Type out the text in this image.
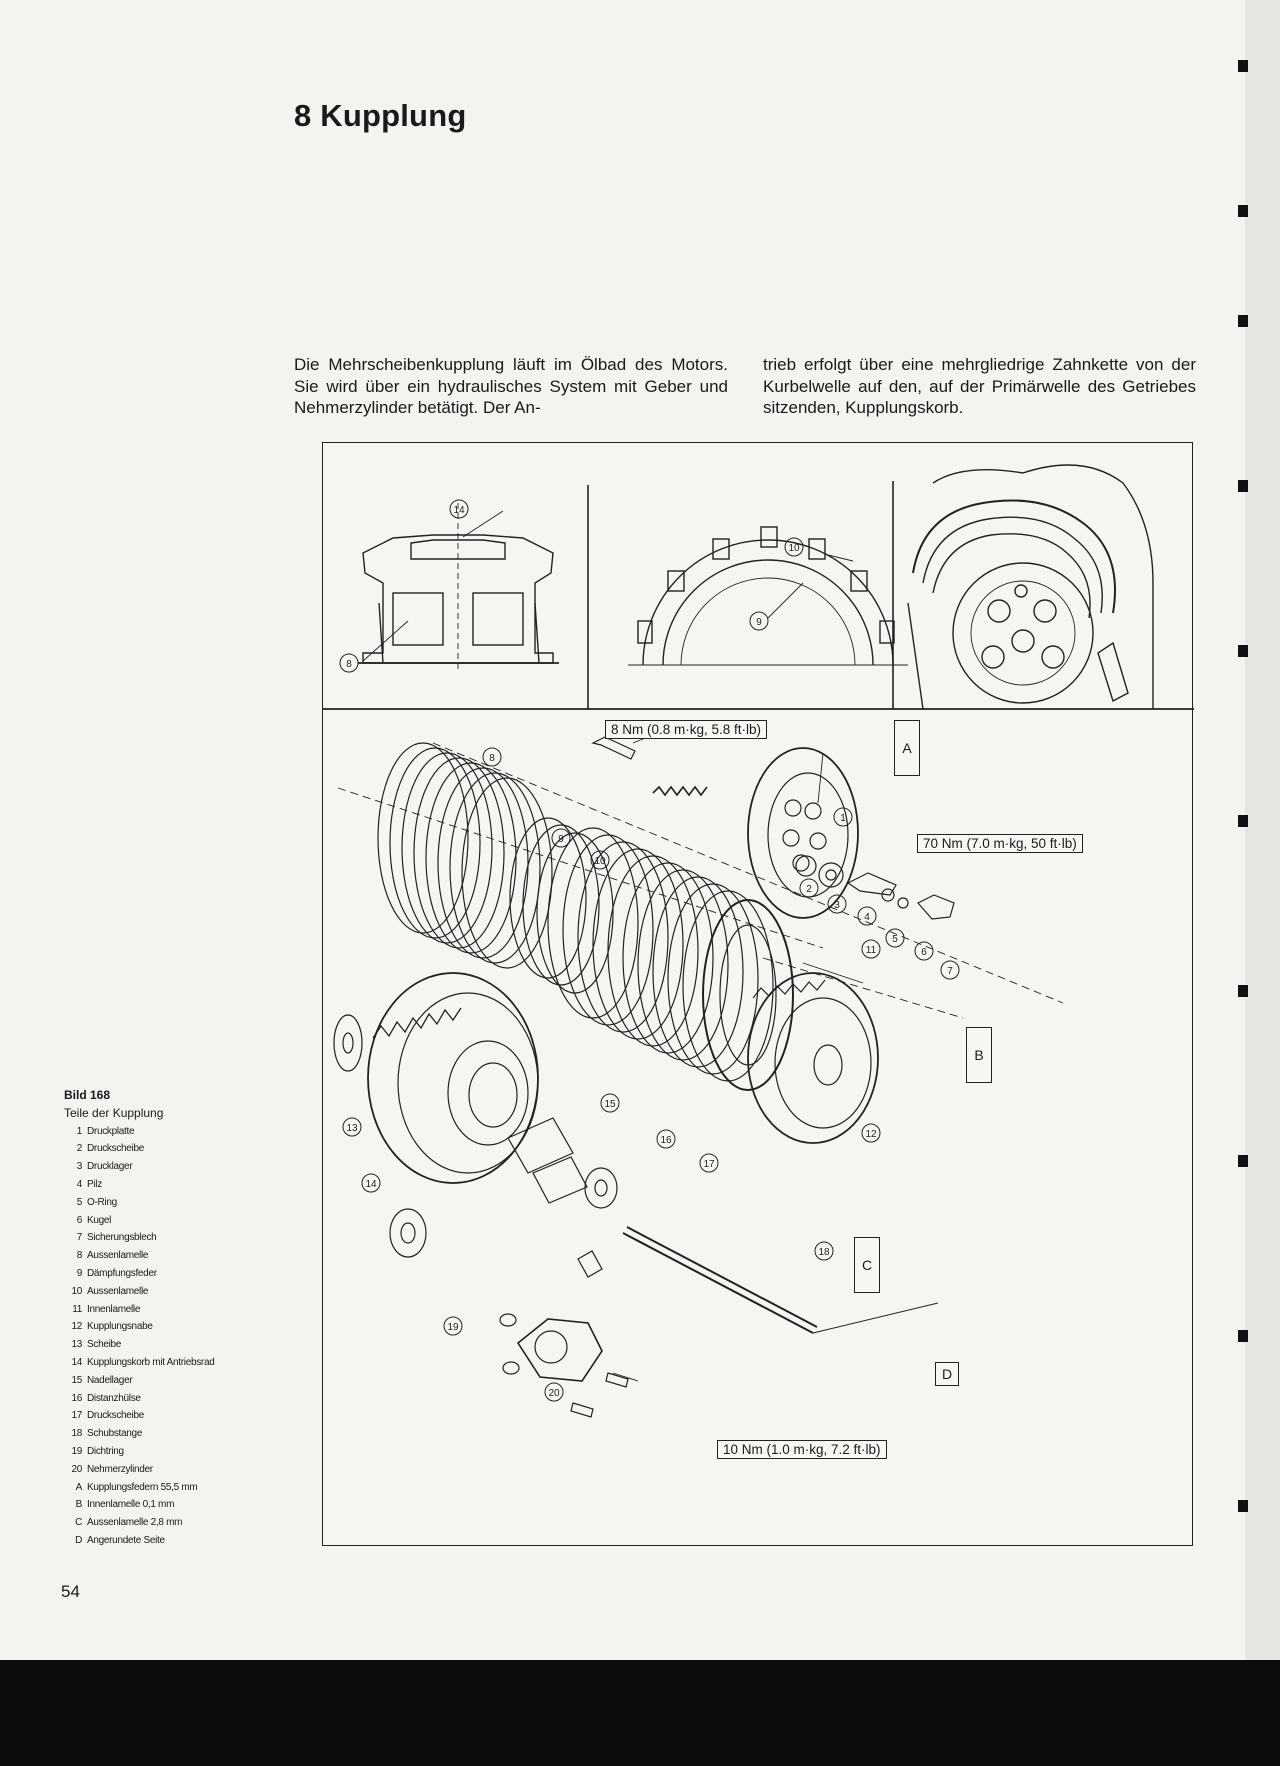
8 Kupplung

Die Mehrscheibenkupplung läuft im Ölbad des Motors. Sie wird über ein hydraulisches System mit Geber und Nehmerzylinder betätigt. Der An-

trieb erfolgt über eine mehrgliedrige Zahnkette von der Kurbelwelle auf den, auf der Primärwelle des Getriebes sitzenden, Kupplungskorb.

14
8
10
9
8
9
10
1
2
3
4
5
6
7
11
12
13
14
15
16
17
18
19
20
8 Nm (0.8 m·kg, 5.8 ft·lb)
70 Nm (7.0 m·kg, 50 ft·lb)
10 Nm (1.0 m·kg, 7.2 ft·lb)
A
B
C
D
Bild 168
Teile der Kupplung
1 Druckplatte
2 Druckscheibe
3 Drucklager
4 Pilz
5 O-Ring
6 Kugel
7 Sicherungsblech
8 Aussenlamelle
9 Dämpfungsfeder
10 Aussenlamelle
11 Innenlamelle
12 Kupplungsnabe
13 Scheibe
14 Kupplungskorb mit Antriebsrad
15 Nadellager
16 Distanzhülse
17 Druckscheibe
18 Schubstange
19 Dichtring
20 Nehmerzylinder
A Kupplungsfedern 55,5 mm
B Innenlamelle 0,1 mm
C Aussenlamelle 2,8 mm
D Angerundete Seite
54
